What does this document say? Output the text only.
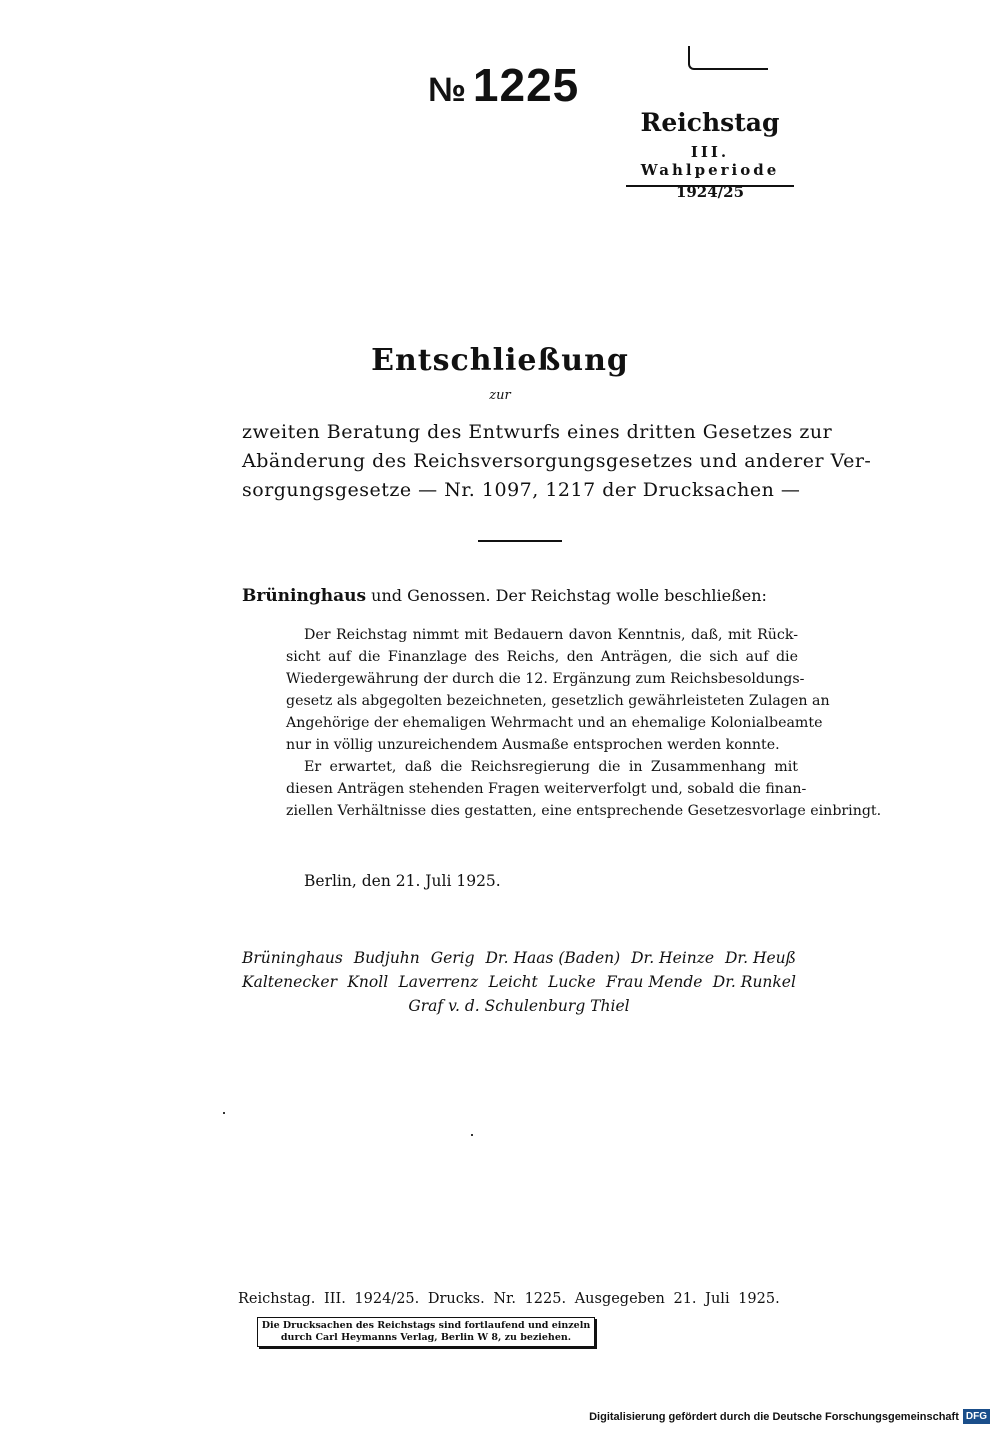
№ 1225
Reichstag
III. Wahlperiode
1924/25
Entschließung
zur
zweiten Beratung des Entwurfs eines dritten Gesetzes zur
Abänderung des Reichsversorgungsgesetzes und anderer Ver-
sorgungsgesetze — Nr. 1097, 1217 der Drucksachen —
Brüninghaus und Genossen. Der Reichstag wolle beschließen:
Der Reichstag nimmt mit Bedauern davon Kenntnis, daß, mit Rück-
sicht auf die Finanzlage des Reichs, den Anträgen, die sich auf die
Wiedergewährung der durch die 12. Ergänzung zum Reichsbesoldungs-
gesetz als abgegolten bezeichneten, gesetzlich gewährleisteten Zulagen an
Angehörige der ehemaligen Wehrmacht und an ehemalige Kolonialbeamte
nur in völlig unzureichendem Ausmaße entsprochen werden konnte.
Er erwartet, daß die Reichsregierung die in Zusammenhang mit
diesen Anträgen stehenden Fragen weiterverfolgt und, sobald die finan-
ziellen Verhältnisse dies gestatten, eine entsprechende Gesetzesvorlage einbringt.
Berlin, den 21. Juli 1925.
Brüninghaus Budjuhn Gerig Dr. Haas (Baden) Dr. Heinze Dr. Heuß
Kaltenecker Knoll Laverrenz Leicht Lucke Frau Mende Dr. Runkel
Graf v. d. Schulenburg Thiel
Reichstag. III. 1924/25. Drucks. Nr. 1225. Ausgegeben 21. Juli 1925.
Die Drucksachen des Reichstags sind fortlaufend und einzeln
durch Carl Heymanns Verlag, Berlin W 8, zu beziehen.
Digitalisierung gefördert durch die Deutsche Forschungsgemeinschaft DFG
